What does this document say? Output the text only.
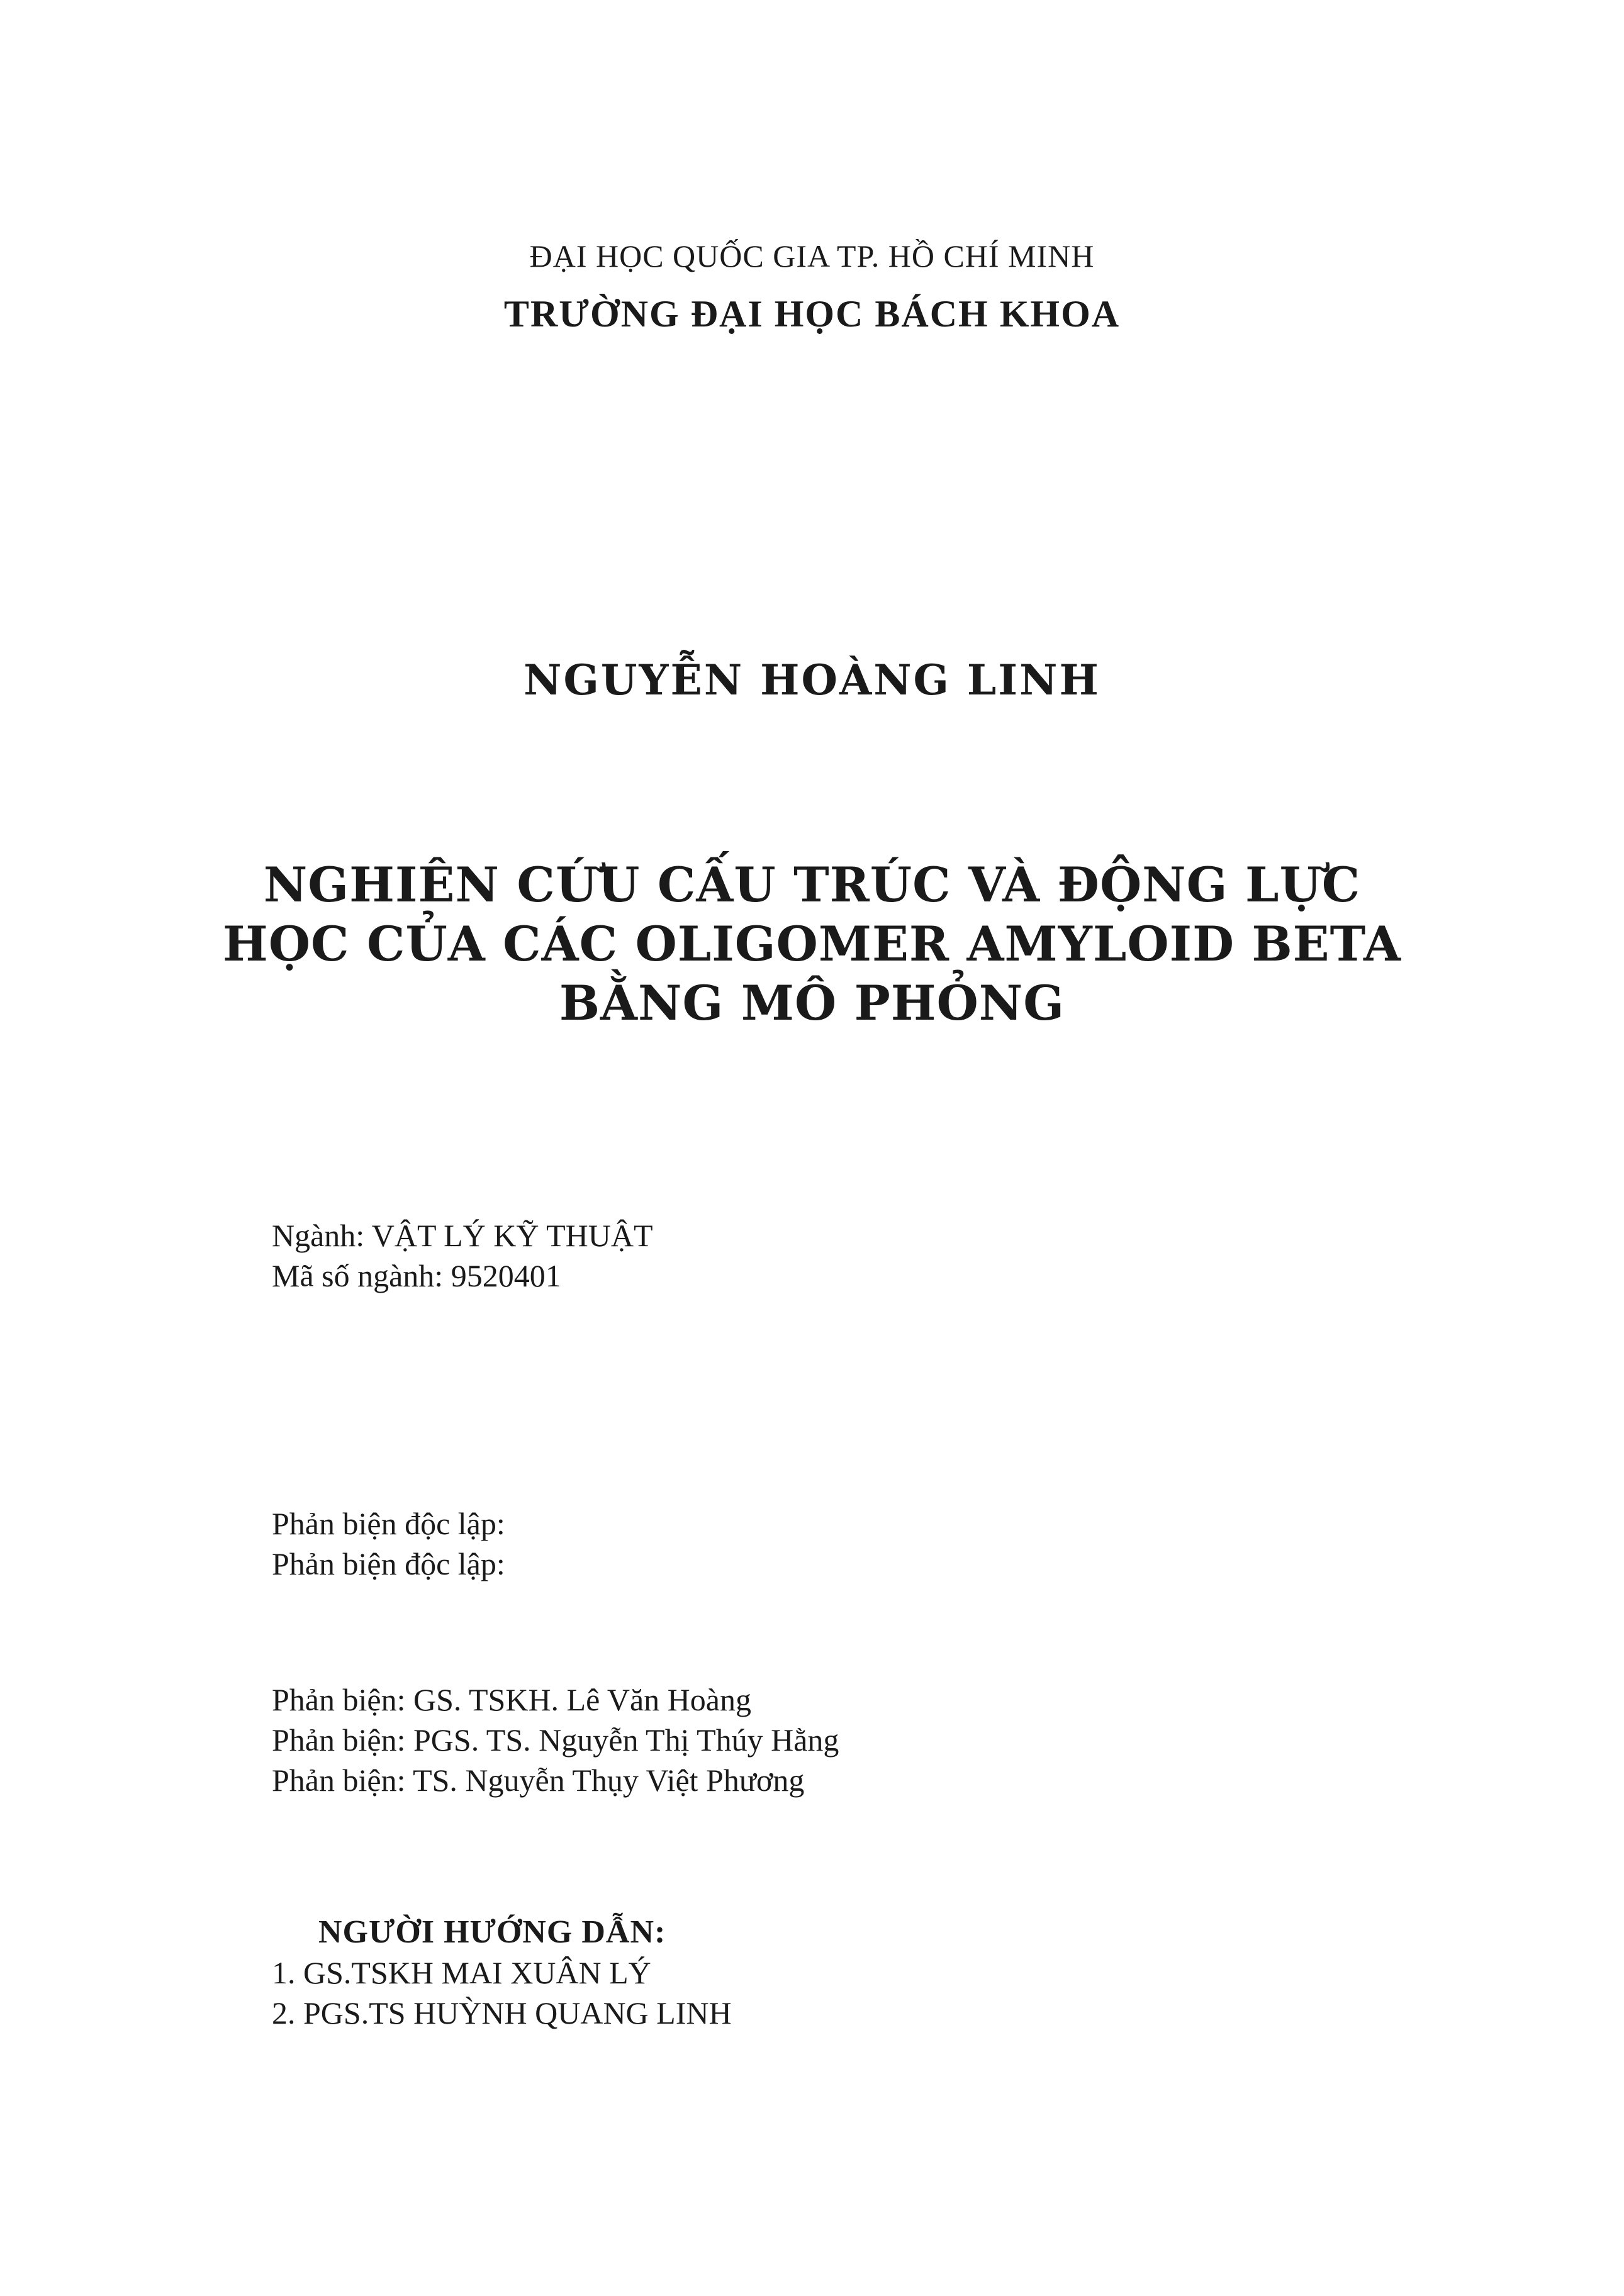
ĐẠI HỌC QUỐC GIA TP. HỒ CHÍ MINH
TRƯỜNG ĐẠI HỌC BÁCH KHOA
NGUYỄN HOÀNG LINH
NGHIÊN CỨU CẤU TRÚC VÀ ĐỘNG LỰC
HỌC CỦA CÁC OLIGOMER AMYLOID BETA
BẰNG MÔ PHỎNG
Ngành: VẬT LÝ KỸ THUẬT
Mã số ngành: 9520401
Phản biện độc lập:
Phản biện độc lập:
Phản biện: GS. TSKH. Lê Văn Hoàng
Phản biện: PGS. TS. Nguyễn Thị Thúy Hằng
Phản biện: TS. Nguyễn Thụy Việt Phương
NGƯỜI HƯỚNG DẪN:
1. GS.TSKH MAI XUÂN LÝ
2. PGS.TS HUỲNH QUANG LINH
